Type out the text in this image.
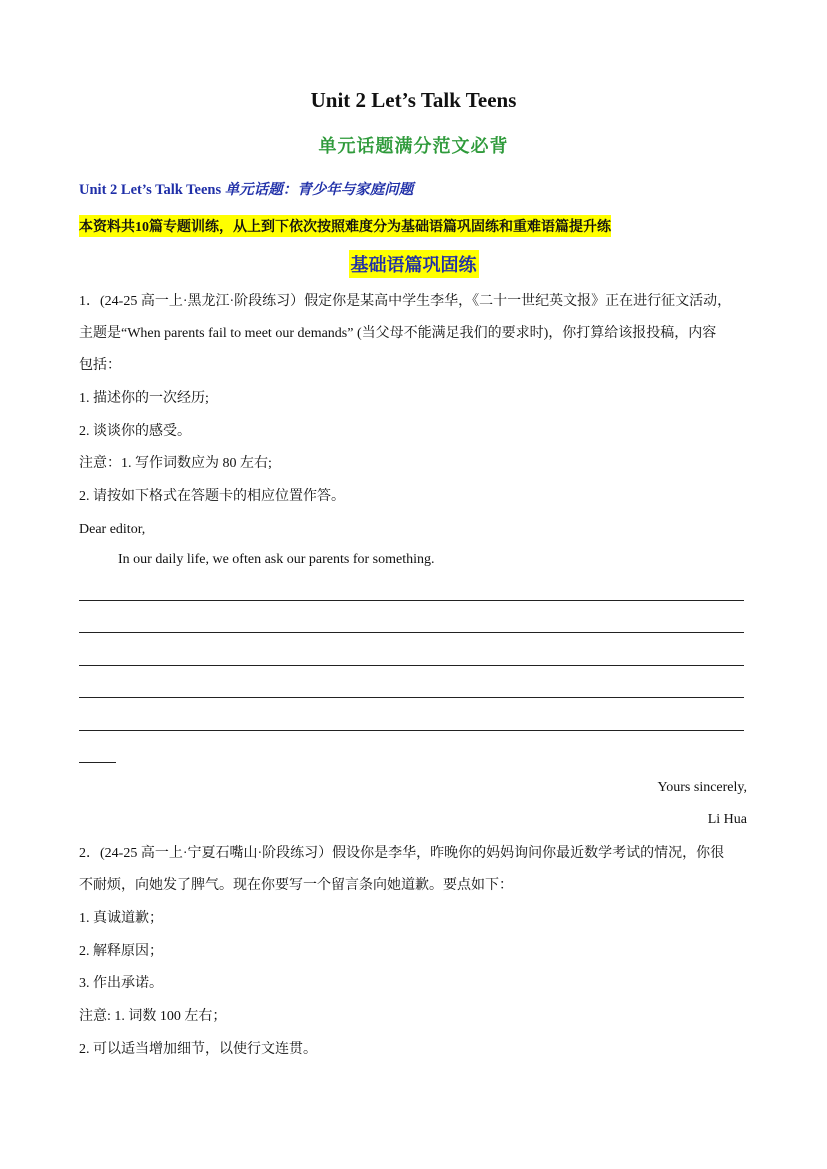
Unit 2 Let’s Talk Teens
单元话题满分范文必背
Unit 2 Let’s Talk Teens 单元话题：青少年与家庭问题
本资料共10篇专题训练，从上到下依次按照难度分为基础语篇巩固练和重难语篇提升练
基础语篇巩固练
1．(24-25 高一上·黑龙江·阶段练习）假定你是某高中学生李华，《二十一世纪英文报》正在进行征文活动，
主题是“When parents fail to meet our demands” (当父母不能满足我们的要求时)，你打算给该报投稿，内容
包括：
1. 描述你的一次经历;
2. 谈谈你的感受。
注意：1. 写作词数应为 80 左右;
2. 请按如下格式在答题卡的相应位置作答。
Dear editor,
In our daily life, we often ask our parents for something.
Yours sincerely,
Li Hua
2．(24-25 高一上·宁夏石嘴山·阶段练习）假设你是李华，昨晚你的妈妈询问你最近数学考试的情况，你很
不耐烦，向她发了脾气。现在你要写一个留言条向她道歉。要点如下：
1. 真诚道歉；
2. 解释原因；
3. 作出承诺。
注意: 1. 词数 100 左右；
2. 可以适当增加细节，以使行文连贯。
